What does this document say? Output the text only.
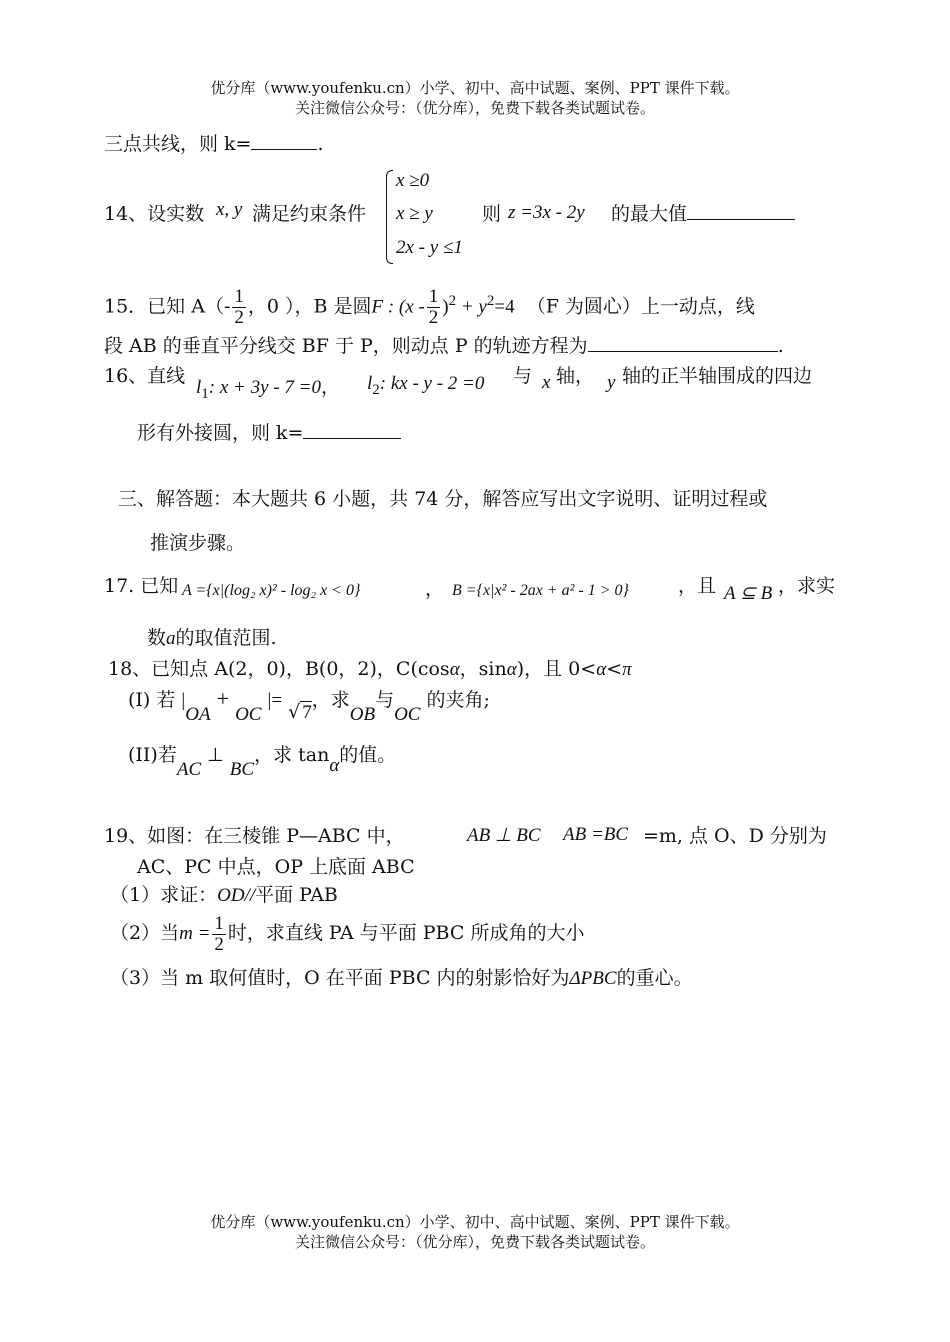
优分库（www.youfenku.cn）小学、初中、高中试题、案例、PPT 课件下载。
关注微信公众号：（优分库），免费下载各类试题试卷。
三点共线，则 k=	.
14、设实数 x, y 满足约束条件
x ≥0
x ≥ y
2x - y ≤1
则 z =3x - 2y 的最大值
15．已知 $A(- \frac{1}{2}$ ，0 ），B 是圆F : $(x - \frac{1}{2} )^2 + y^2=4$ （F 为圆心）上一动点，线
段 AB 的垂直平分线交 BF 于 P，则动点 P 的轨迹方程为	.
16、直线
$l_1$: x + 3y - 7 =0， $l_2$: kx - y - 2 =0 与 x 轴， y 轴的正半轴围成的四边
形有外接圆，则 k=
三、解答题：本大题共 6 小题，共 74 分，解答应写出文字说明、证明过程或
推演步骤。
17. 已知 A ={x|(log₂ x)² - log₂ x < 0}	， B ={x|x² - 2ax + a² - 1 > 0}	，且 A ⊆ B ，求实
数a的取值范围.
18、已知点 A(2，0)，B(0，2)，C(cosα，sinα)，且 0<α<π
(I) 若 |OA + OC |= √ 7，求OB与OC 的夹角;
(II)若AC ⊥ BC，求 tanα的值。
19、如图：在三棱锥 P—ABC 中，	AB ⊥ BC AB =BC =m, 点 O、D 分别为
AC、PC 中点，OP 上底面 ABC
（1）求证：OD//平面 PAB
（2）当$m = \frac{1}{2}$ 时，求直线 PA 与平面 PBC 所成角的大小
（3）当 m 取何值时，O 在平面 PBC 内的射影恰好为ΔPBC的重心。
优分库（www.youfenku.cn）小学、初中、高中试题、案例、PPT 课件下载。
关注微信公众号：（优分库），免费下载各类试题试卷。
